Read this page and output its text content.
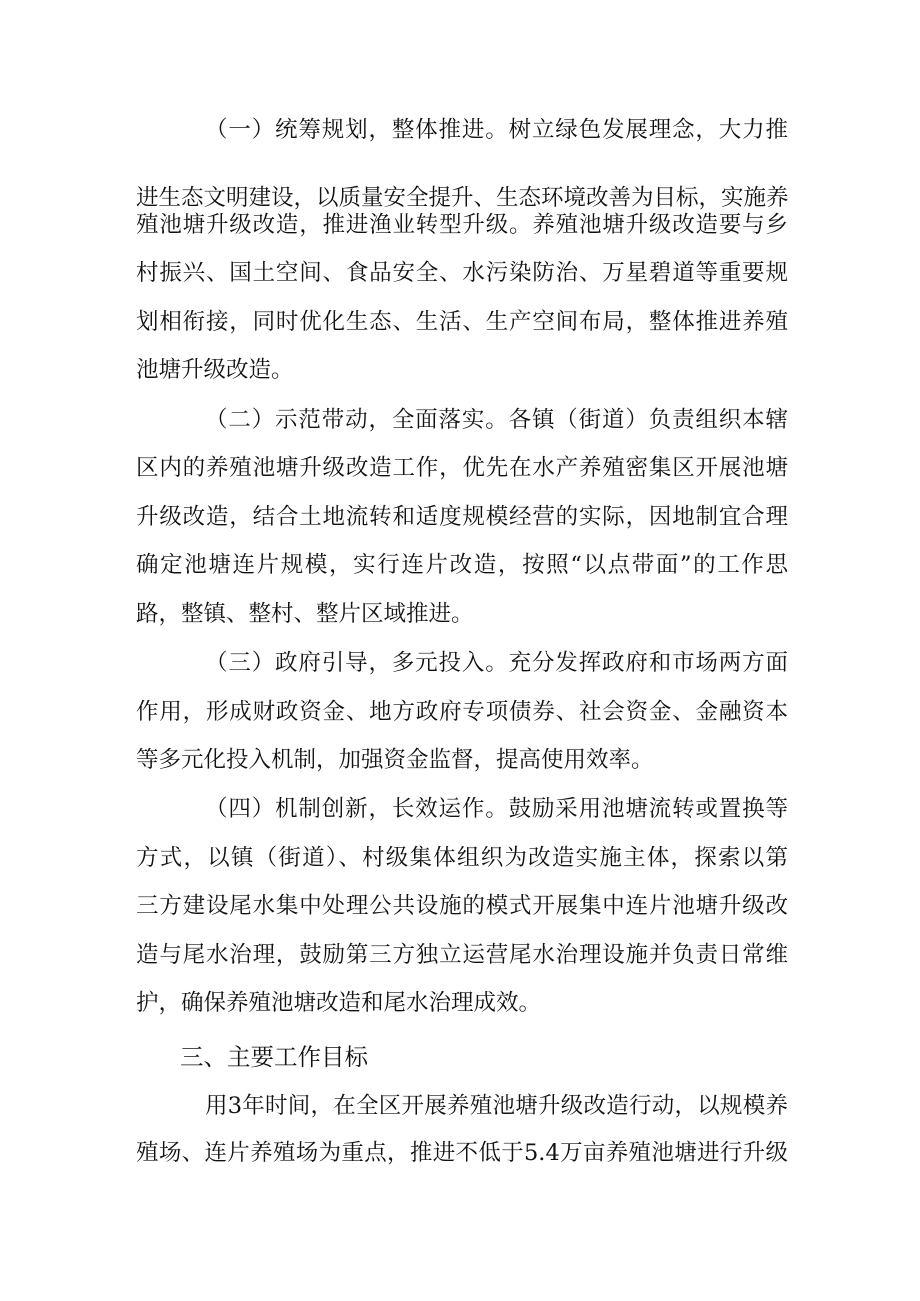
（一）统筹规划，整体推进。树立绿色发展理念，大力推
进生态文明建设，以质量安全提升、生态环境改善为目标，实施养
殖池塘升级改造，推进渔业转型升级。养殖池塘升级改造要与乡
村振兴、国土空间、食品安全、水污染防治、万星碧道等重要规
划相衔接，同时优化生态、生活、生产空间布局，整体推进养殖
池塘升级改造。
（二）示范带动，全面落实。各镇（街道）负责组织本辖
区内的养殖池塘升级改造工作，优先在水产养殖密集区开展池塘
升级改造，结合土地流转和适度规模经营的实际，因地制宜合理
确定池塘连片规模，实行连片改造，按照“以点带面”的工作思
路，整镇、整村、整片区域推进。
（三）政府引导，多元投入。充分发挥政府和市场两方面
作用，形成财政资金、地方政府专项债券、社会资金、金融资本
等多元化投入机制，加强资金监督，提高使用效率。
（四）机制创新，长效运作。鼓励采用池塘流转或置换等
方式，以镇（街道）、村级集体组织为改造实施主体，探索以第
三方建设尾水集中处理公共设施的模式开展集中连片池塘升级改
造与尾水治理，鼓励第三方独立运营尾水治理设施并负责日常维
护，确保养殖池塘改造和尾水治理成效。
三、主要工作目标
用3年时间，在全区开展养殖池塘升级改造行动，以规模养
殖场、连片养殖场为重点，推进不低于5.4万亩养殖池塘进行升级
